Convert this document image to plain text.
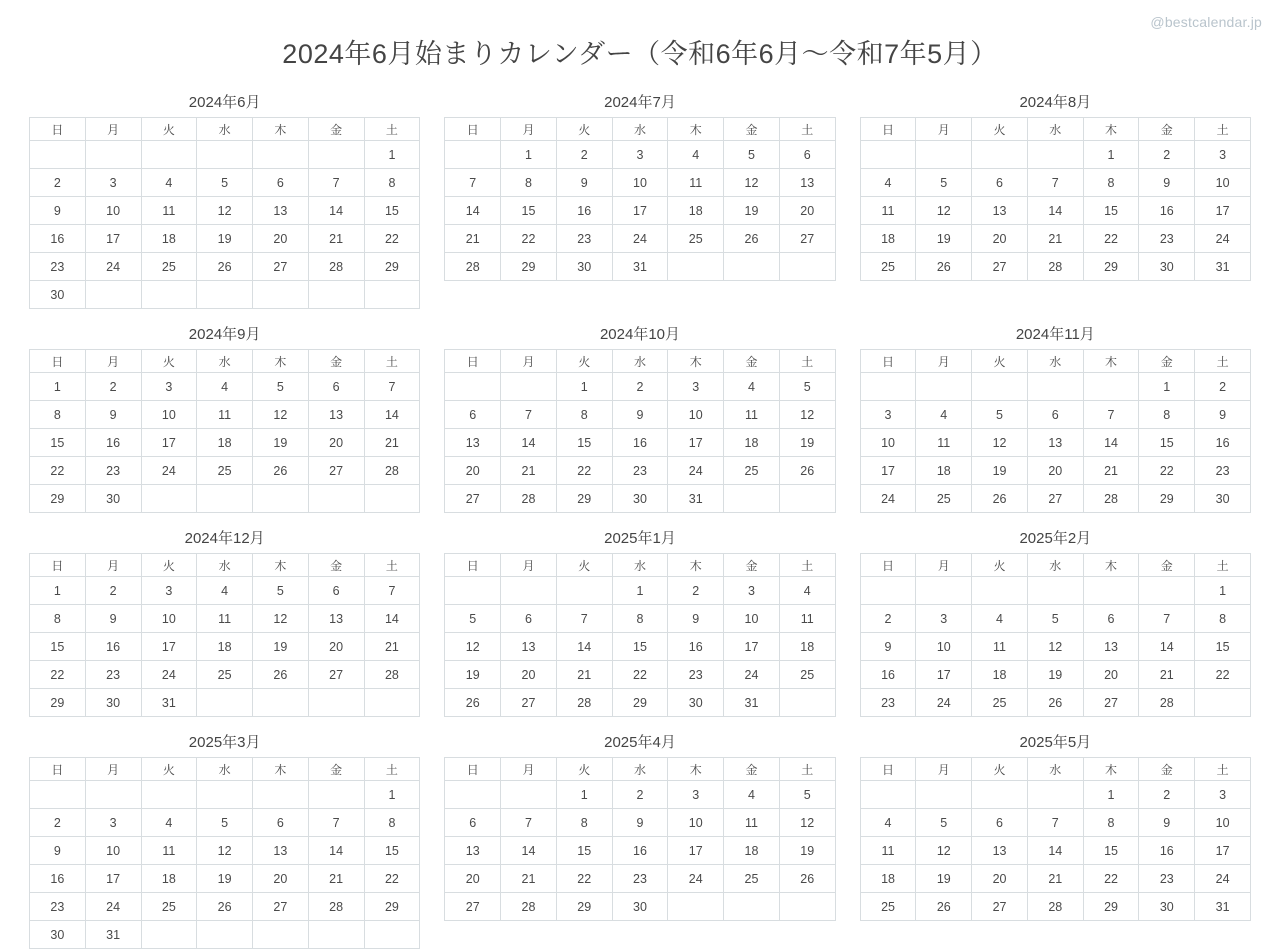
@bestcalendar.jp
2024年6月始まりカレンダー（令和6年6月～令和7年5月）
2024年6月
日	月	火	水	木	金	土
						1
2	3	4	5	6	7	8
9	10	11	12	13	14	15
16	17	18	19	20	21	22
23	24	25	26	27	28	29
30						
2024年7月
日	月	火	水	木	金	土
	1	2	3	4	5	6
7	8	9	10	11	12	13
14	15	16	17	18	19	20
21	22	23	24	25	26	27
28	29	30	31			
2024年8月
日	月	火	水	木	金	土
				1	2	3
4	5	6	7	8	9	10
11	12	13	14	15	16	17
18	19	20	21	22	23	24
25	26	27	28	29	30	31
2024年9月
日	月	火	水	木	金	土
1	2	3	4	5	6	7
8	9	10	11	12	13	14
15	16	17	18	19	20	21
22	23	24	25	26	27	28
29	30					
2024年10月
日	月	火	水	木	金	土
		1	2	3	4	5
6	7	8	9	10	11	12
13	14	15	16	17	18	19
20	21	22	23	24	25	26
27	28	29	30	31		
2024年11月
日	月	火	水	木	金	土
					1	2
3	4	5	6	7	8	9
10	11	12	13	14	15	16
17	18	19	20	21	22	23
24	25	26	27	28	29	30
2024年12月
日	月	火	水	木	金	土
1	2	3	4	5	6	7
8	9	10	11	12	13	14
15	16	17	18	19	20	21
22	23	24	25	26	27	28
29	30	31				
2025年1月
日	月	火	水	木	金	土
			1	2	3	4
5	6	7	8	9	10	11
12	13	14	15	16	17	18
19	20	21	22	23	24	25
26	27	28	29	30	31	
2025年2月
日	月	火	水	木	金	土
						1
2	3	4	5	6	7	8
9	10	11	12	13	14	15
16	17	18	19	20	21	22
23	24	25	26	27	28	
2025年3月
日	月	火	水	木	金	土
						1
2	3	4	5	6	7	8
9	10	11	12	13	14	15
16	17	18	19	20	21	22
23	24	25	26	27	28	29
30	31					
2025年4月
日	月	火	水	木	金	土
		1	2	3	4	5
6	7	8	9	10	11	12
13	14	15	16	17	18	19
20	21	22	23	24	25	26
27	28	29	30			
2025年5月
日	月	火	水	木	金	土
				1	2	3
4	5	6	7	8	9	10
11	12	13	14	15	16	17
18	19	20	21	22	23	24
25	26	27	28	29	30	31
